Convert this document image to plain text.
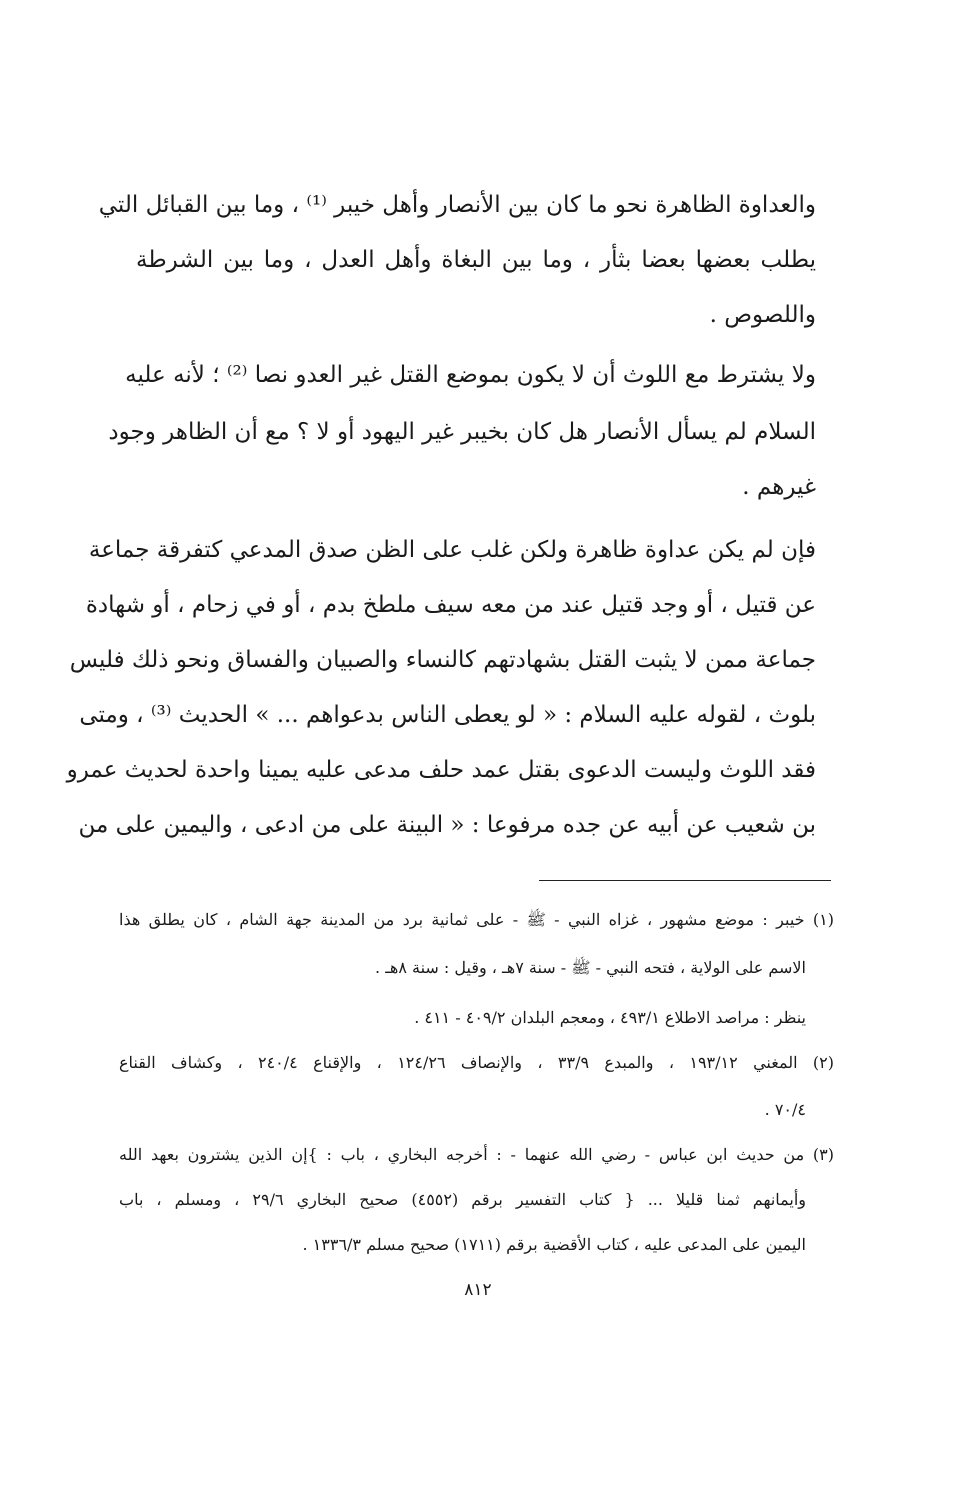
والعداوة الظاهرة نحو ما كان بين الأنصار وأهل خيبر ⁽¹⁾ ، وما بين القبائل التي
يطلب بعضها بعضا بثأر ، وما بين البغاة وأهل العدل ، وما بين الشرطة
واللصوص .
ولا يشترط مع اللوث أن لا يكون بموضع القتل غير العدو نصا ⁽²⁾ ؛ لأنه عليه
السلام لم يسأل الأنصار هل كان بخيبر غير اليهود أو لا ؟ مع أن الظاهر وجود
غيرهم .
فإن لم يكن عداوة ظاهرة ولكن غلب على الظن صدق المدعي كتفرقة جماعة
عن قتيل ، أو وجد قتيل عند من معه سيف ملطخ بدم ، أو في زحام ، أو شهادة
جماعة ممن لا يثبت القتل بشهادتهم كالنساء والصبيان والفساق ونحو ذلك فليس
بلوث ، لقوله عليه السلام : « لو يعطى الناس بدعواهم ... » الحديث ⁽³⁾ ، ومتى
فقد اللوث وليست الدعوى بقتل عمد حلف مدعى عليه يمينا واحدة لحديث عمرو
بن شعيب عن أبيه عن جده مرفوعا : « البينة على من ادعى ، واليمين على من
(١) خيبر : موضع مشهور ، غزاه النبي - ﷺ - على ثمانية برد من المدينة جهة الشام ، كان يطلق هذا
الاسم على الولاية ، فتحه النبي - ﷺ - سنة ٧هـ ، وقيل : سنة ٨هـ .
ينظر : مراصد الاطلاع ٤٩٣/١ ، ومعجم البلدان ٤٠٩/٢ - ٤١١ .
(٢) المغني ١٩٣/١٢ ، والمبدع ٣٣/٩ ، والإنصاف ١٢٤/٢٦ ، والإقناع ٢٤٠/٤ ، وكشاف القناع
٧٠/٤ .
(٣) من حديث ابن عباس - رضي الله عنهما - : أخرجه البخاري ، باب : }إن الذين يشترون بعهد الله
وأيمانهم ثمنا قليلا ... { كتاب التفسير برقم (٤٥٥٢) صحيح البخاري ٢٩/٦ ، ومسلم ، باب
اليمين على المدعى عليه ، كتاب الأقضية برقم (١٧١١) صحيح مسلم ١٣٣٦/٣ .
٨١٢
